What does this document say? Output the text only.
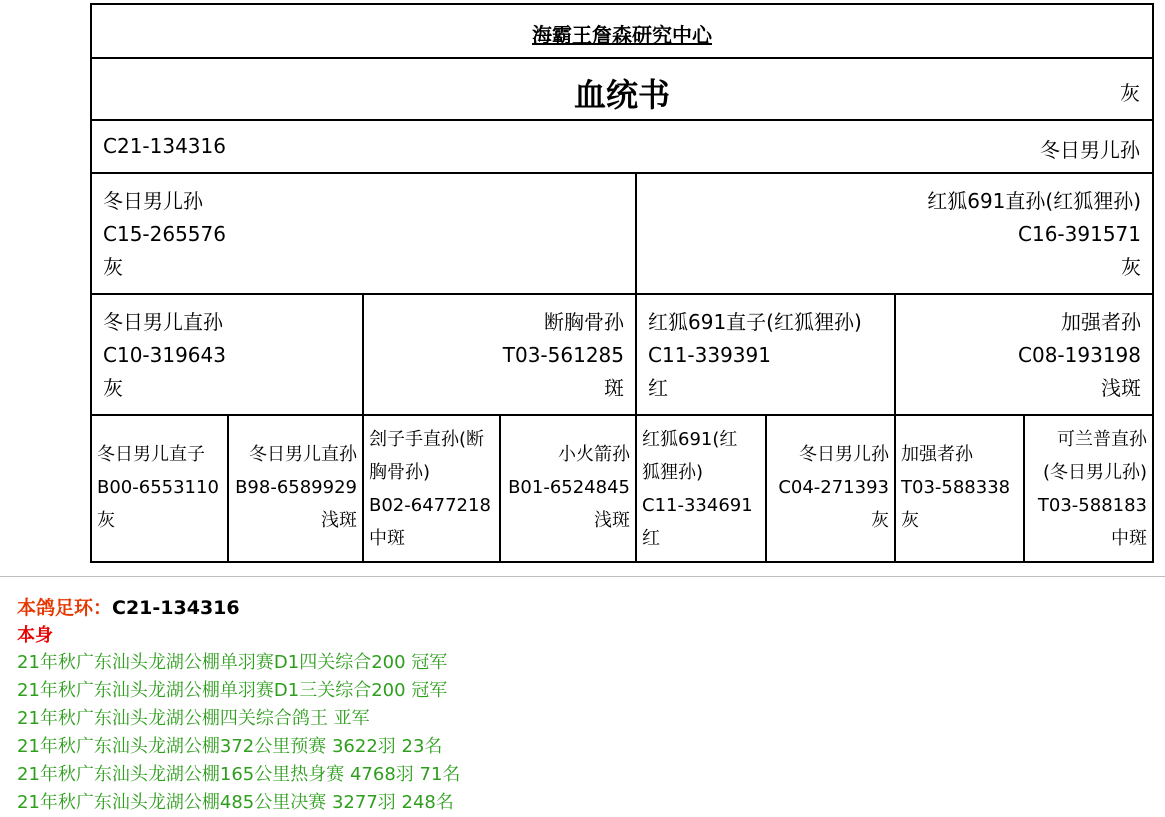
海霸王詹森研究中心
血统书	灰
C21-134316	冬日男儿孙
冬日男儿孙
C15-265576
灰
红狐691直孙(红狐狸孙)
C16-391571
灰
冬日男儿直孙
C10-319643
灰
断胸骨孙
T03-561285
斑
红狐691直子(红狐狸孙)
C11-339391
红
加强者孙
C08-193198
浅斑
冬日男儿直子
B00-6553110
灰
冬日男儿直孙
B98-6589929
浅斑
刽子手直孙(断
胸骨孙)
B02-6477218
中斑
小火箭孙
B01-6524845
浅斑
红狐691(红
狐狸孙)
C11-334691
红
冬日男儿孙
C04-271393
灰
加强者孙
T03-588338
灰
可兰普直孙
(冬日男儿孙)
T03-588183
中斑
本鸽足环：C21-134316
本身
21年秋广东汕头龙湖公棚单羽赛D1四关综合200 冠军
21年秋广东汕头龙湖公棚单羽赛D1三关综合200 冠军
21年秋广东汕头龙湖公棚四关综合鸽王 亚军
21年秋广东汕头龙湖公棚372公里预赛 3622羽 23名
21年秋广东汕头龙湖公棚165公里热身赛 4768羽 71名
21年秋广东汕头龙湖公棚485公里决赛 3277羽 248名
